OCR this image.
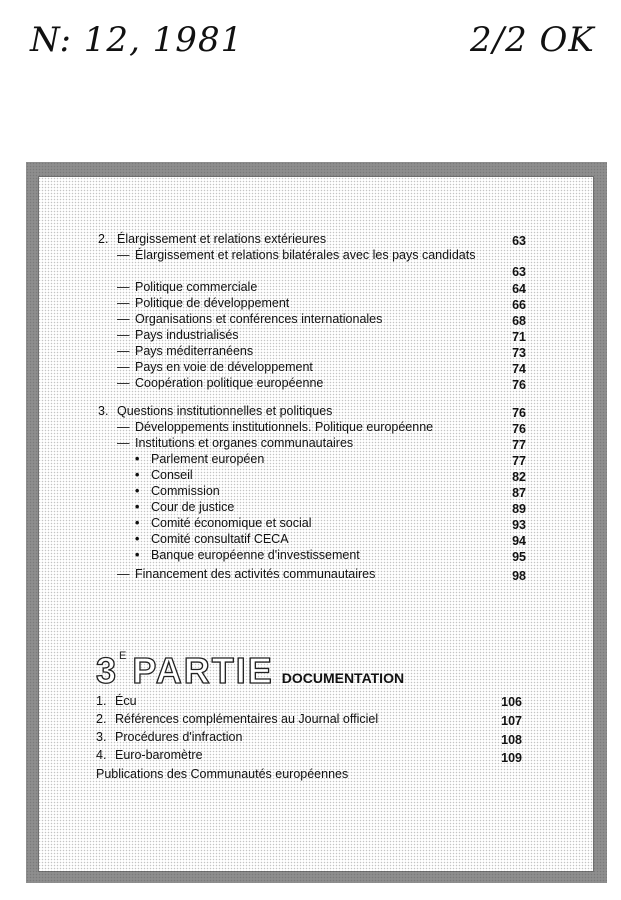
N: 12, 1981	2/2 OK
2. Élargissement et relations extérieures	63
— Élargissement et relations bilatérales avec les pays candidats
63
— Politique commerciale	64
— Politique de développement	66
— Organisations et conférences internationales	68
— Pays industrialisés	71
— Pays méditerranéens	73
— Pays en voie de développement	74
— Coopération politique européenne	76
3. Questions institutionnelles et politiques	76
— Développements institutionnels. Politique européenne	76
— Institutions et organes communautaires	77
• Parlement européen	77
• Conseil	82
• Commission	87
• Cour de justice	89
• Comité économique et social	93
• Comité consultatif CECA	94
• Banque européenne d'investissement	95
— Financement des activités communautaires	98
$3^E$ PARTIE DOCUMENTATION
1. Écu	106
2. Références complémentaires au Journal officiel	107
3. Procédures d'infraction	108
4. Euro-baromètre	109
Publications des Communautés européennes
